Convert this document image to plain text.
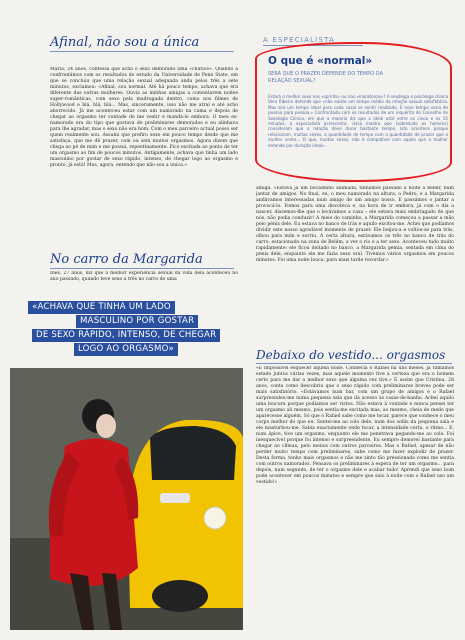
Afinal, não sou a única
Maria, 24 anos, confessa que acha o sexo demorado uma «chatice». Quando a confrontámos com os resultados do estudo da Universidade de Penn State, em que se concluiu que uma relação sexual adequada anda pelos três a sete minutos, exclamou: «Afinal, sou normal. Até há pouco tempo, achava que era diferente das outras mulheres. Ouvia as minhas amigas a comentarem noites super-românticas, com sexo pela madrugada dentro, como nos filmes de Hollywood e blá, blá, blá... Mas, sinceramente, isso não me atrai e até acho aborrecido. Já me aconteceu estar com um namorado na cama e depois de chegar ao orgasmo ter vontade de me vestir e mandá-lo embora. O meu ex-namorado era do tipo que gostava de preliminares demorados e eu alinhava para lhe agradar, mas o sexo não era bom. Com o meu parceiro actual posso ser quem realmente sou. Assumi que prefiro sexo em pouco tempo desde que me satisfaça, que me dê prazer, com ou sem muitos orgasmos. Agora dizem que chega ao pé de mim e me possui, repentinamente. Fico excitada ao ponto de ter um orgasmo ao fim de poucos minutos. Antigamente, achava que tinha um lado masculino por gostar de sexo rápido, intenso, de chegar logo ao orgasmo e pronto, já está! Mas, agora, entendo que não sou a única.»
No carro da Margarida
Inês, 27 anos, diz que a melhor experiência sexual da vida dela aconteceu no ano passado, quando teve sexo a três no carro de uma
«ACHAVA QUE TINHA UM LADO
MASCULINO POR GOSTAR
DE SEXO RÁPIDO, INTENSO, DE CHEGAR
LOGO AO ORGASMO»
A ESPECIALISTA
O que é «normal»
SERÁ QUE O PRAZER DEPENDE DO TEMPO DA RELAÇÃO SEXUAL?
Estará o melhor sexo nos «sprints» ou nas «maratonas»? A sexóloga e psicóloga clínica Vera Ribeiro defende que «não existe um tempo médio da relação sexual satisfatória. Mas sim um tempo ideal para cada casal se sentir realizado. E esse tempo varia de pessoa para pessoa.» Confrontada com os resultados de um inquérito do Conselho de Sexologia Clínica, em que a maioria diz que o ideal está entre os cinco e os 15 minutos, a especialista acrescenta: «Isso mostra que (sobretudo os homens) consideram que a relação deve durar bastante tempo. Isto acontece porque relacionam, muitas vezes, a quantidade de tempo com a quantidade de prazer que a mulher sente... O que, muitas vezes, não é compatível com aquilo que a mulher entende por duração ideal».
amiga. «Estava já um bocadinho animada, tínhamos passado a noite a beber, num jantar de amigos. No final, eu, o meu namorado na altura, o Pedro, e a Margarida andávamos interessadas num amigo de um amigo nosso. E passámos o jantar a provocá-lo. Fomos para uma discoteca e, na hora de ir embora, já com o dia a nascer, dissemos-lhe que o levávamos a casa – ele estava mais embriagado do que nós, não podia conduzir! A meio do caminho, a Margarida começou a passar a mão pelo pénis dele. Eu estava no banco de trás e aquilo excitou-me. Achei que podíamos dividir este nosso agradável momento de prazer. Ele beijou-a e voltou-se para trás, olhou para mim e sorriu. A certa altura, estávamos os três no banco de trás do carro, estacionado na zona de Belém, a ver o rio e a ter sexo. Aconteceu tudo muito rapidamente: ele ficou deitado no banco, a Margarida gemia, sentada em cima do pénis dele, enquanto ele me fazia sexo oral. Tivemos vários orgasmos em poucos minutos. Foi uma noite louca, para mais tarde recordar.»
Debaixo do vestido... orgasmos
«É impossível esquecer aquela noite. Conhecia o Rafael há uns meses, já tínhamos estado juntos várias vezes, mas aquele momento tive a certeza que era o homem certo para me dar o melhor sexo que alguma vez tive.» É assim que Cristina, 28 anos, conta como descobriu que o sexo rápido com preliminares breves pode ser mais satisfatório. «Estávamos num bar, com um grupo de amigos e o Rafael surpreendeu-me numa pequena sala que dá acesso às casas-de-banho. Achei aquilo uma loucura porque podíamos ser vistos. Não estava à vontade e nunca pensei ter um orgasmo ali mesmo, pois sentia-me excitada mas, ao mesmo, cheia de medo que aparecesse alguém. Só que o Rafael sabe como me tocar, parece que conhece o meu corpo melhor do que eu. Sentei-me ao colo dele, num dos sofás da pequena sala e ele masturbou-me. Sabia exactamente onde tocar, a intensidade certa, o ritmo... E, num ápice, tive um orgasmo, enquanto ele me penetrava pegando-me ao colo. Foi inesquecível porque foi intenso e surpreendente. Eu sempre demorei bastante para chegar ao clímax, pelo menos com outros parceiros. Mas o Rafael, apesar de não perder muito tempo com preliminares, sabe como me fazer explodir de prazer. Desta forma, tenho mais orgasmos e não me sinto tão pressionada como me sentia com outros namorados. Pensava os preliminares à espera de ter um orgasmo... para depois, num segundo, de ter o orgasmo dele e acabar tudo! Aprendi que sexo bom pode acontecer em poucos minutos e sempre que saio à noite com o Rafael uso um vestido!»
